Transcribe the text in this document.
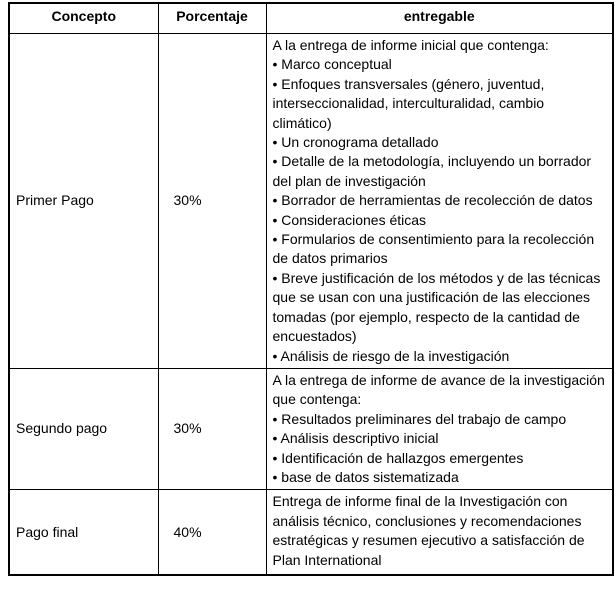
Concepto	Porcentaje	entregable
Primer Pago	30%	
A la entrega de informe inicial que contenga:
• Marco conceptual
• Enfoques transversales (género, juventud, interseccionalidad, interculturalidad, cambio climático)
• Un cronograma detallado
• Detalle de la metodología, incluyendo un borrador del plan de investigación
• Borrador de herramientas de recolección de datos
• Consideraciones éticas
• Formularios de consentimiento para la recolección de datos primarios
• Breve justificación de los métodos y de las técnicas que se usan con una justificación de las elecciones tomadas (por ejemplo, respecto de la cantidad de encuestados)
• Análisis de riesgo de la investigación

Segundo pago	30%	A la entrega de informe de avance de la investigación que contenga:
• Resultados preliminares del trabajo de campo
• Análisis descriptivo inicial
• Identificación de hallazgos emergentes
• base de datos sistematizada

Pago final	40%	Entrega de informe final de la Investigación con análisis técnico, conclusiones y recomendaciones estratégicas y resumen ejecutivo a satisfacción de Plan International
